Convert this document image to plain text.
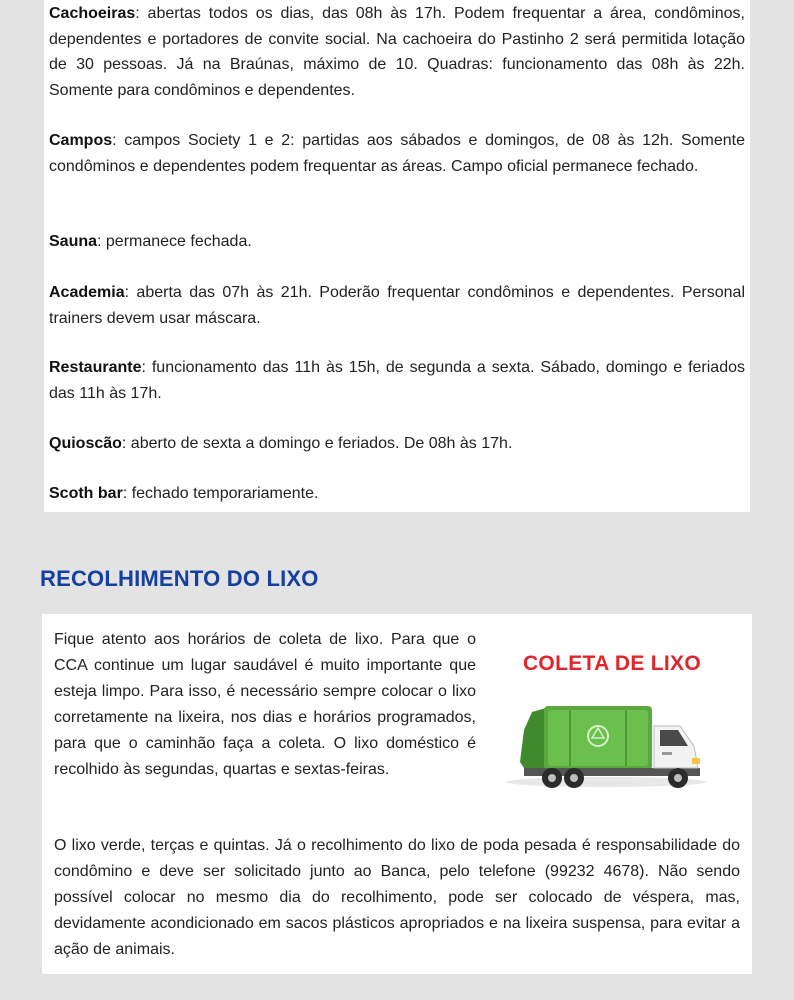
Cachoeiras: abertas todos os dias, das 08h às 17h. Podem frequentar a área, condôminos, dependentes e portadores de convite social. Na cachoeira do Pastinho 2 será permitida lotação de 30 pessoas. Já na Braúnas, máximo de 10. Quadras: funcionamento das 08h às 22h. Somente para condôminos e dependentes.

Campos: campos Society 1 e 2: partidas aos sábados e domingos, de 08 às 12h. Somente condôminos e dependentes podem frequentar as áreas. Campo oficial permanece fechado.

Sauna: permanece fechada.

Academia: aberta das 07h às 21h. Poderão frequentar condôminos e dependentes. Personal trainers devem usar máscara.

Restaurante: funcionamento das 11h às 15h, de segunda a sexta. Sábado, domingo e feriados das 11h às 17h.

Quioscão: aberto de sexta a domingo e feriados. De 08h às 17h.

Scoth bar: fechado temporariamente.

RECOLHIMENTO DO LIXO

Fique atento aos horários de coleta de lixo. Para que o CCA continue um lugar saudável é muito importante que esteja limpo. Para isso, é necessário sempre colocar o lixo corretamente na lixeira, nos dias e horários programados, para que o caminhão faça a coleta. O lixo doméstico é recolhido às segundas, quartas e sextas-feiras.

COLETA DE LIXO

O lixo verde, terças e quintas. Já o recolhimento do lixo de poda pesada é responsabilidade do condômino e deve ser solicitado junto ao Banca, pelo telefone (99232 4678). Não sendo possível colocar no mesmo dia do recolhimento, pode ser colocado de véspera, mas, devidamente acondicionado em sacos plásticos apropriados e na lixeira suspensa, para evitar a ação de animais.
